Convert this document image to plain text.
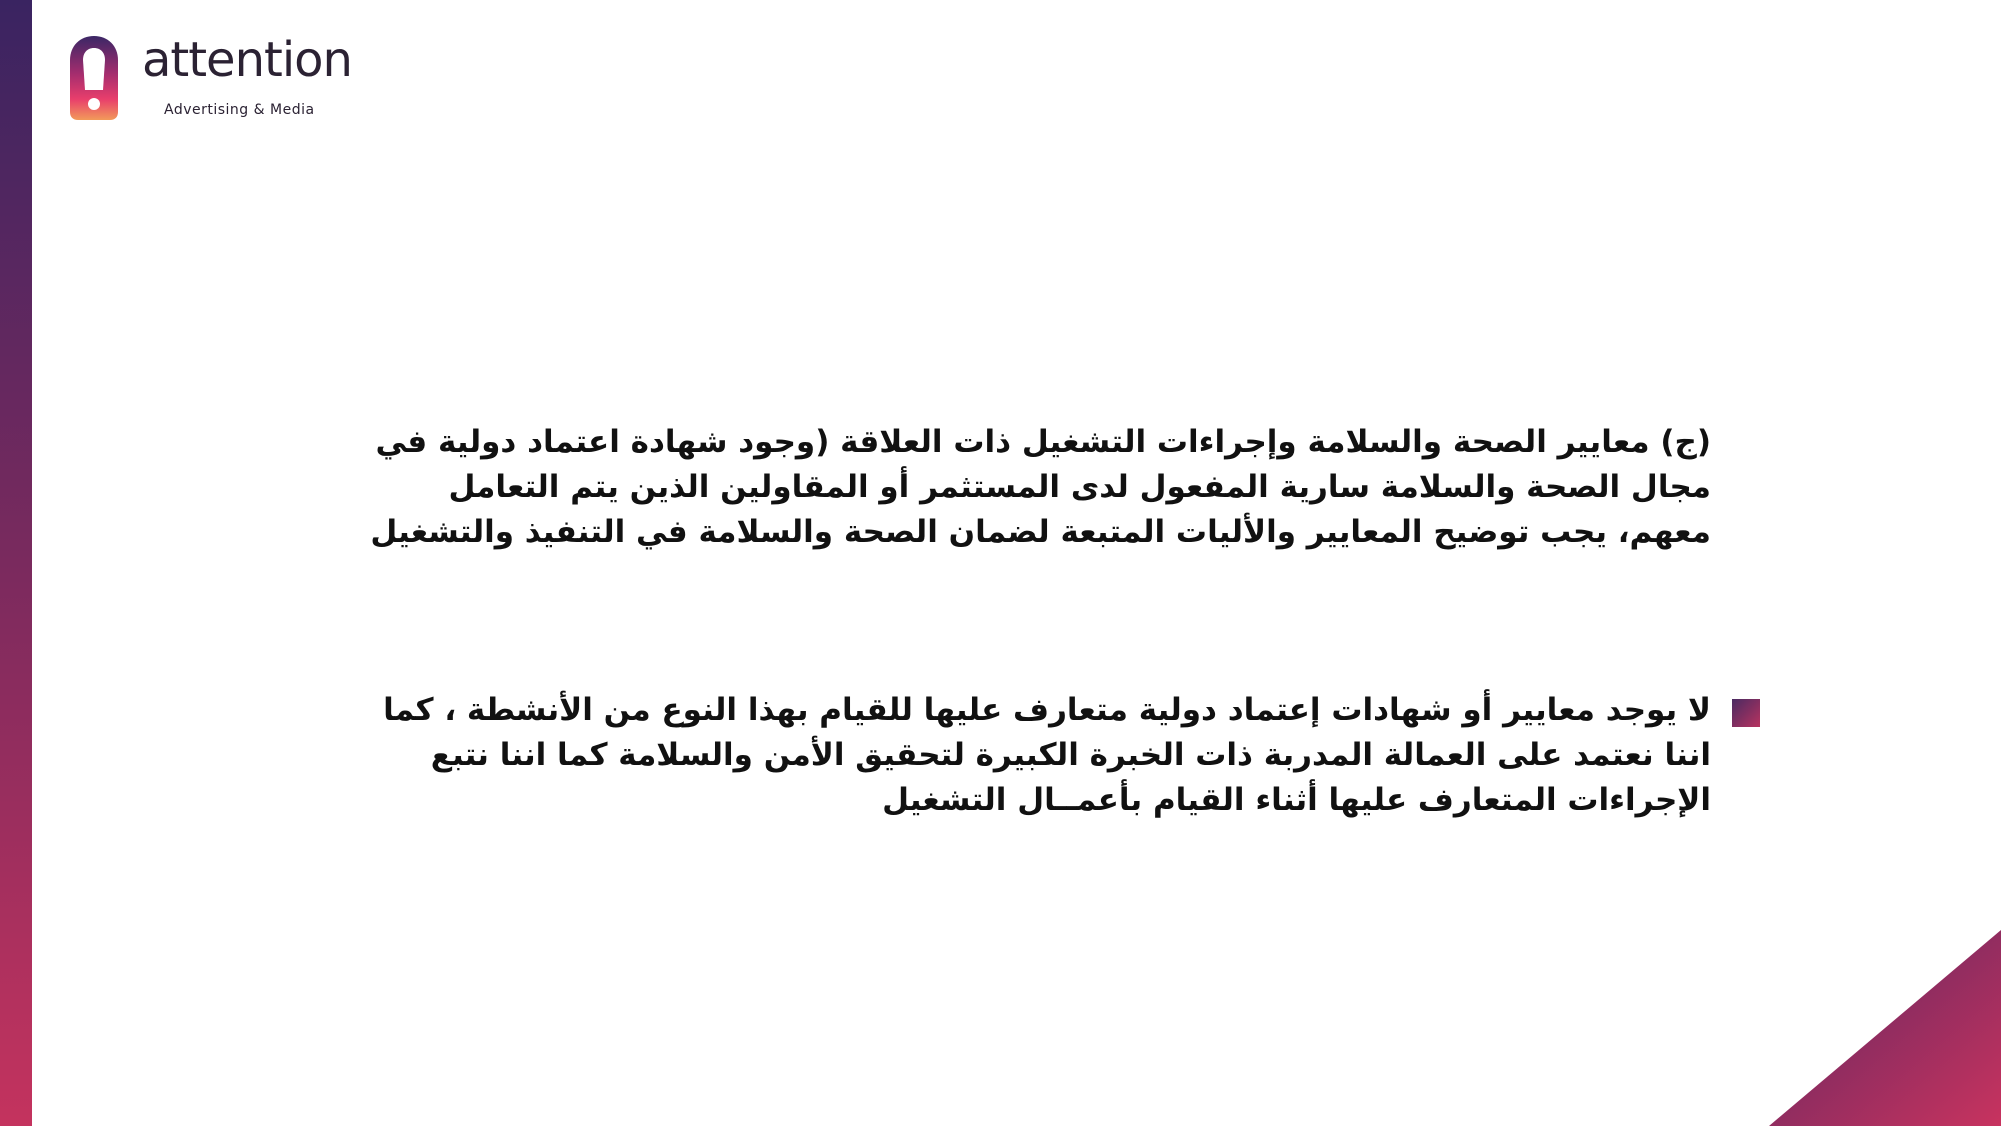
attention
Advertising & Media
(ج) معايير الصحة والسلامة وإجراءات التشغيل ذات العلاقة (وجود شهادة اعتماد دولية في
مجال الصحة والسلامة سارية المفعول لدى المستثمر أو المقاولين الذين يتم التعامل
معهم، يجب توضيح المعايير والأليات المتبعة لضمان الصحة والسلامة في التنفيذ والتشغيل
لا يوجد معايير أو شهادات إعتماد دولية متعارف عليها للقيام بهذا النوع من الأنشطة ، كما
اننا نعتمد على العمالة المدربة ذات الخبرة الكبيرة لتحقيق الأمن والسلامة كما اننا نتبع
الإجراءات المتعارف عليها أثناء القيام بأعمــال التشغيل
